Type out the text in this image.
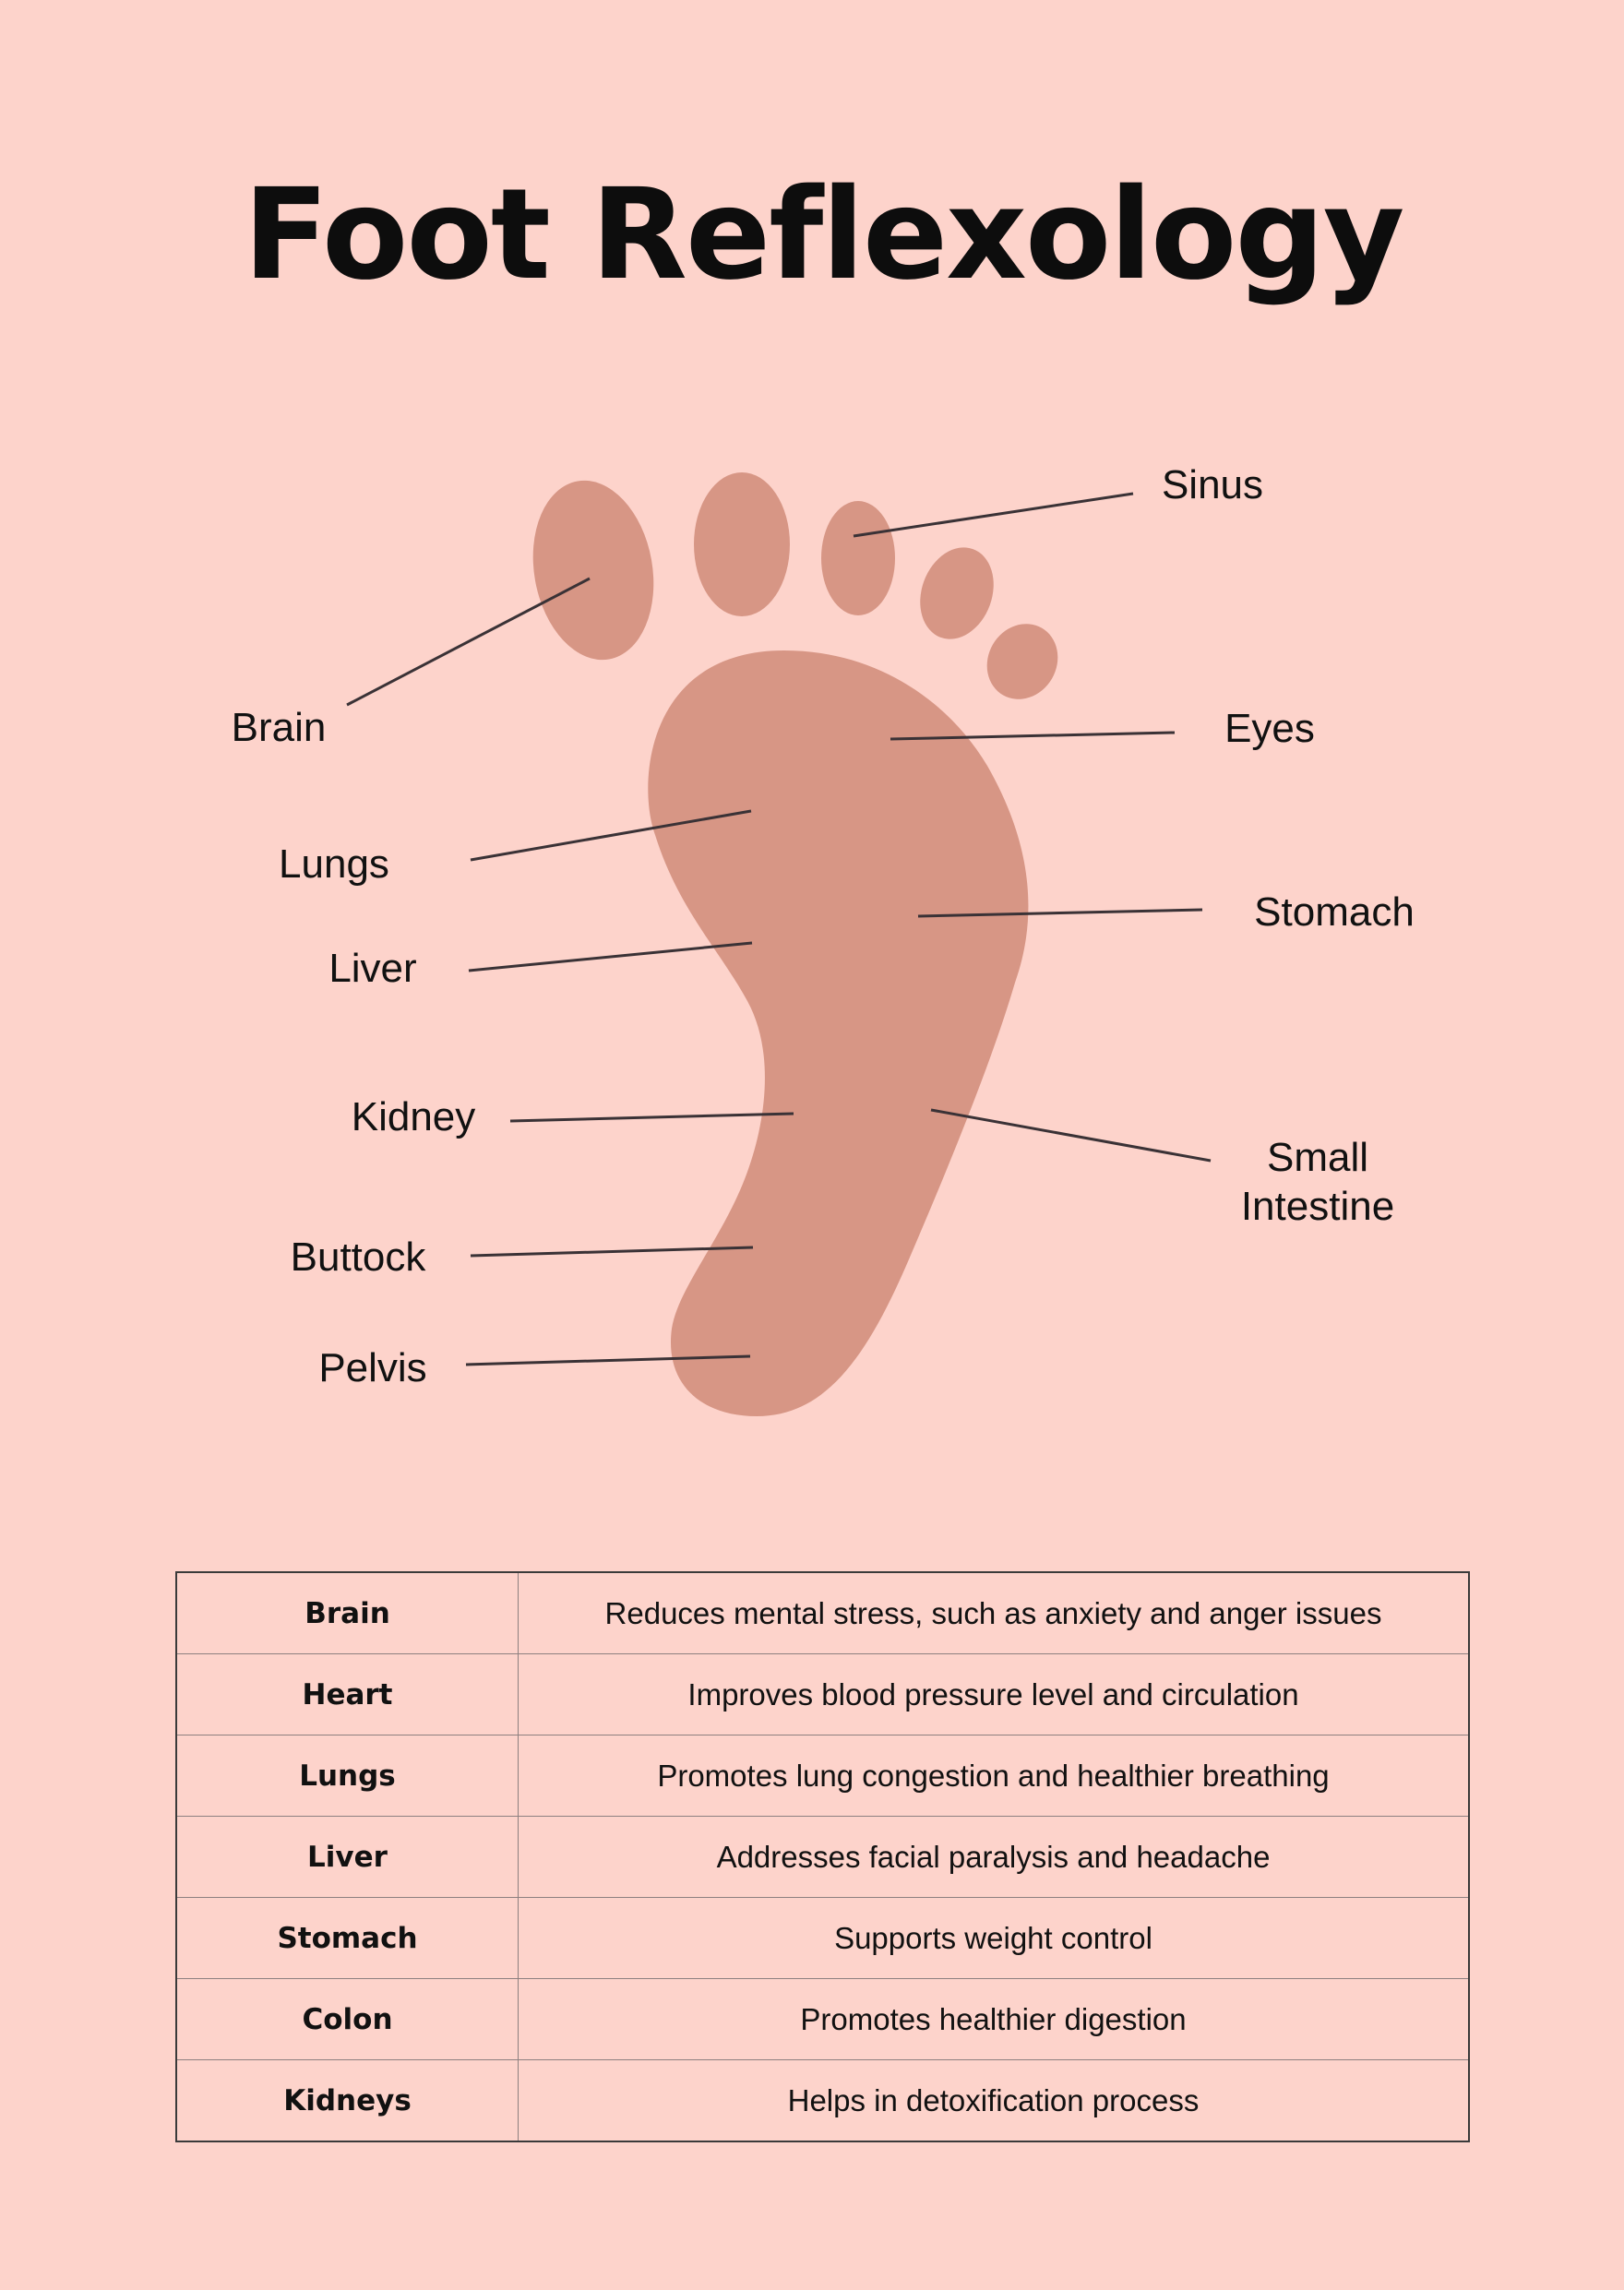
Foot Reflexology
Sinus
Brain	Eyes
Lungs
Stomach
Liver
Kidney
Small
Intestine
Buttock
Pelvis
Brain	Reduces mental stress, such as anxiety and anger issues
Heart	Improves blood pressure level and circulation
Lungs	Promotes lung congestion and healthier breathing
Liver	Addresses facial paralysis and headache
Stomach	Supports weight control
Colon	Promotes healthier digestion
Kidneys	Helps in detoxification process
